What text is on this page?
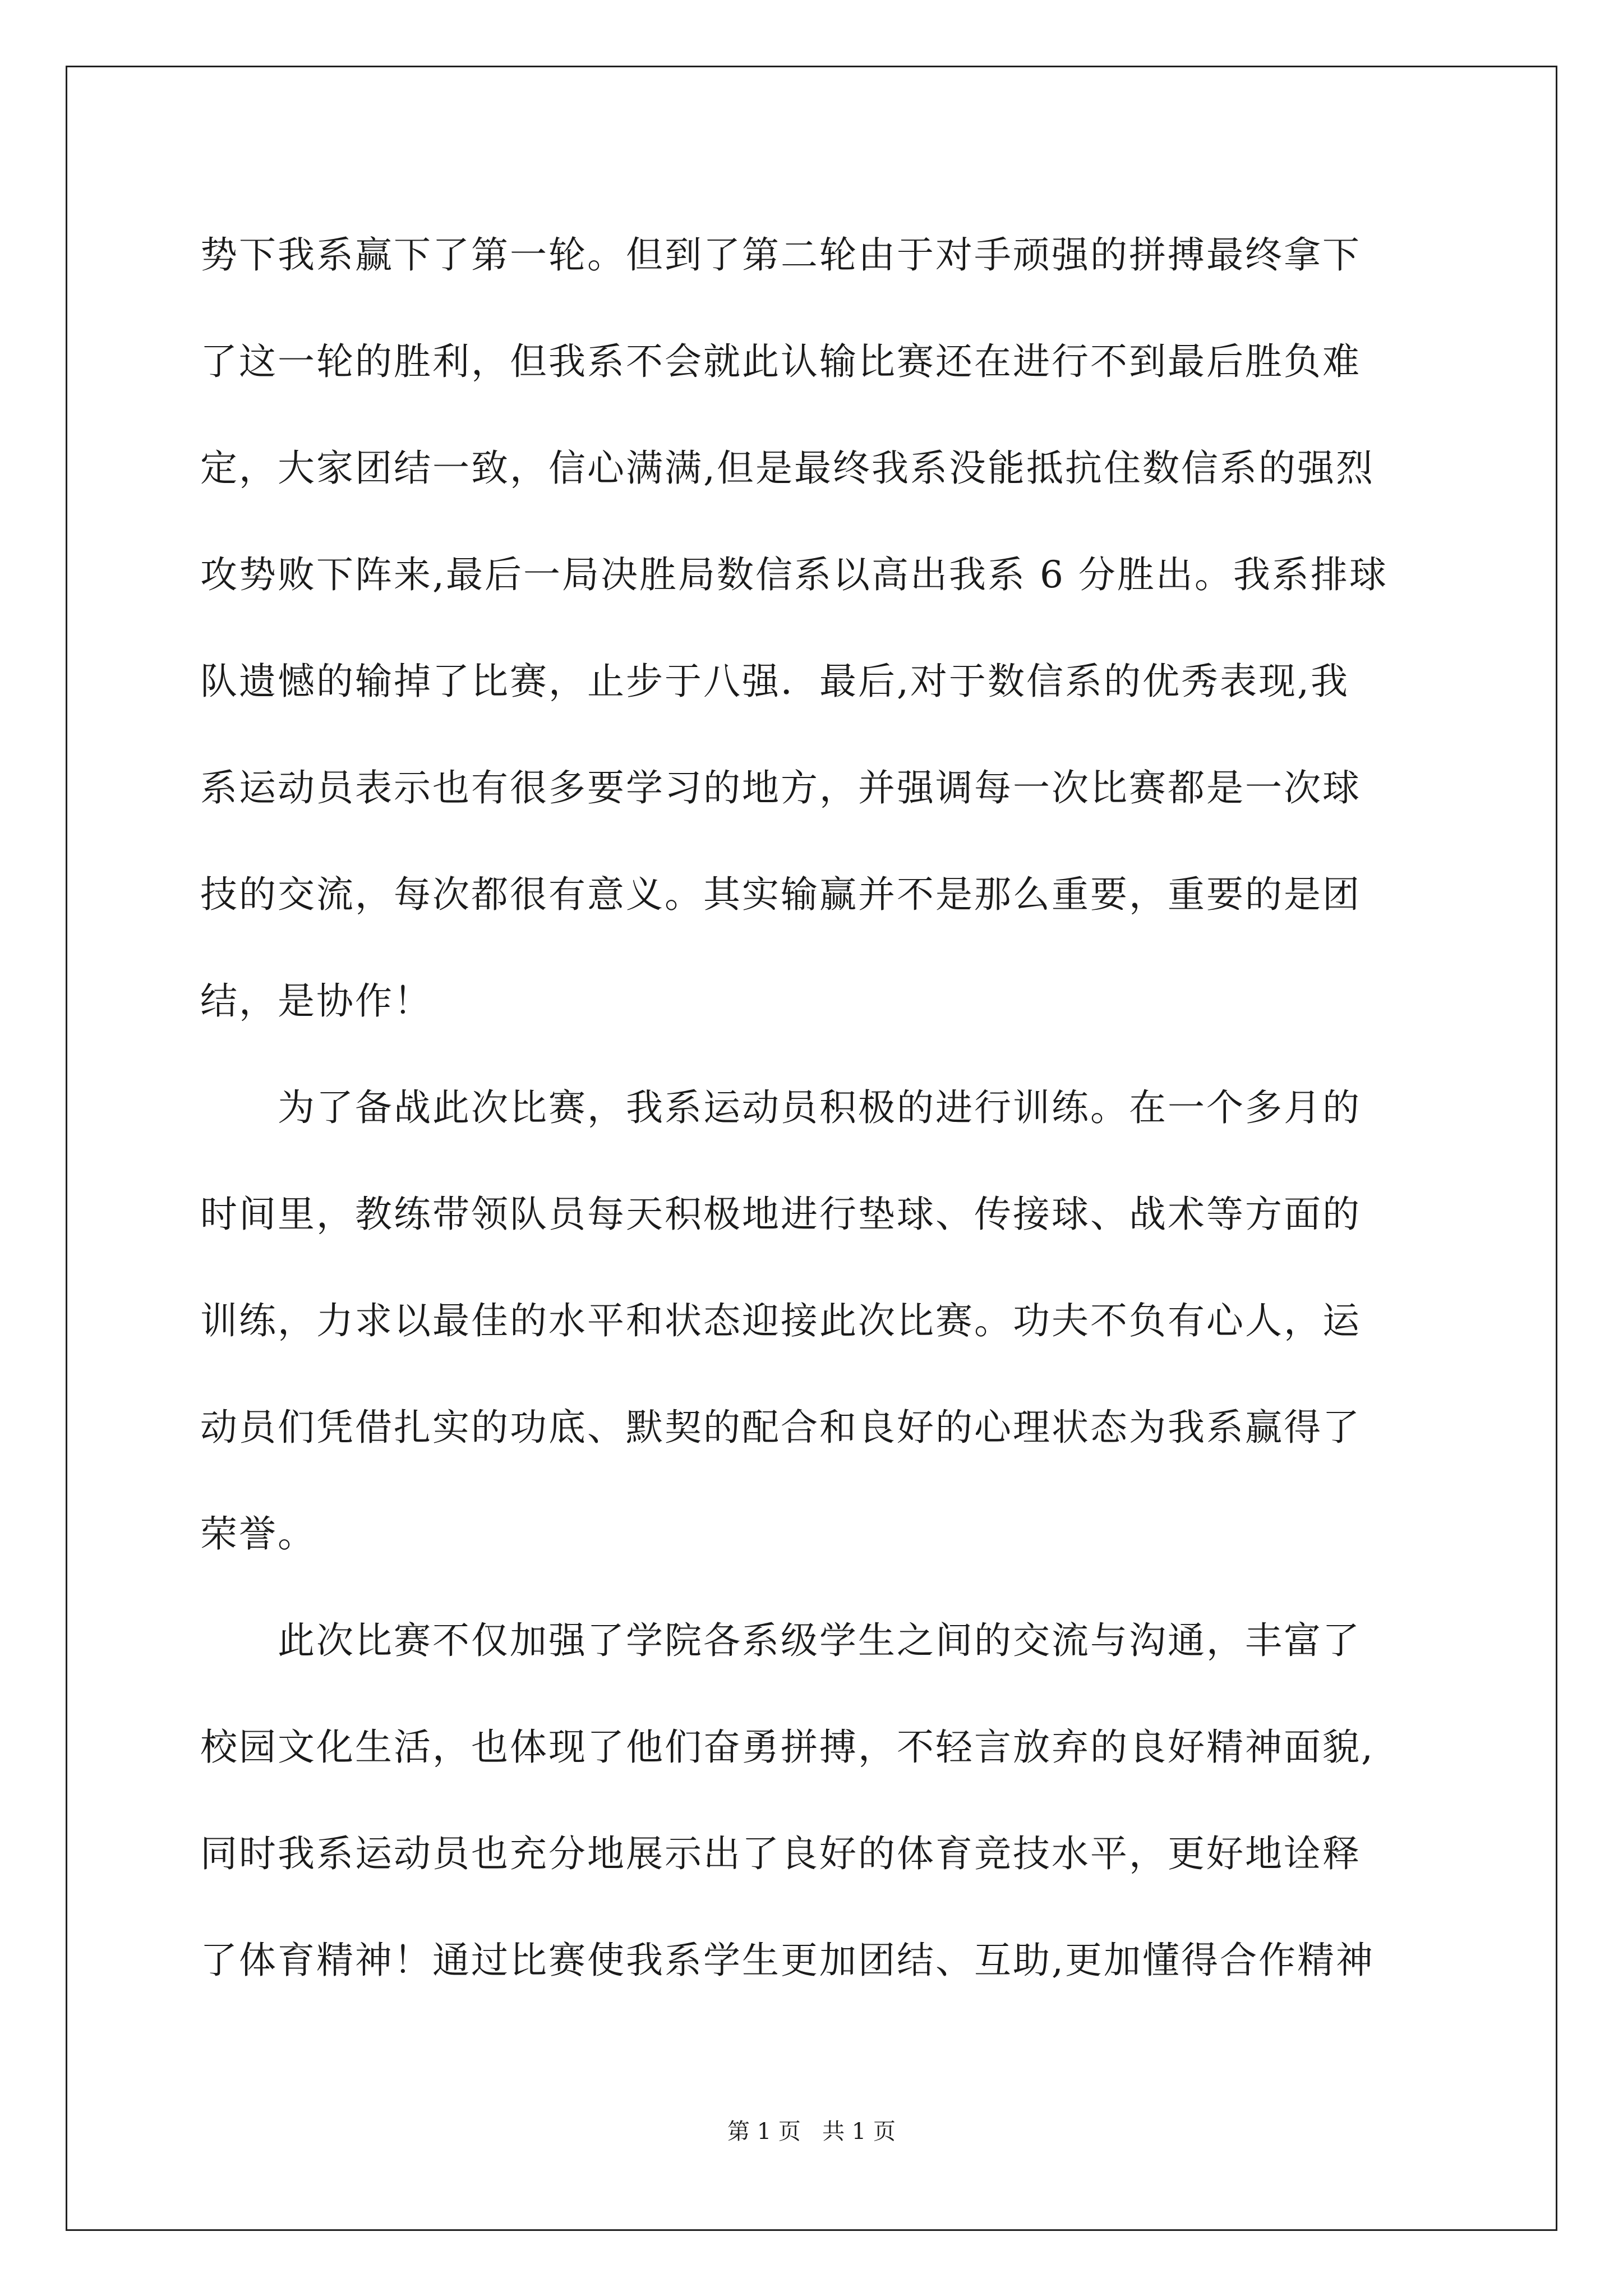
势下我系赢下了第一轮。但到了第二轮由于对手顽强的拼搏最终拿下
了这一轮的胜利，但我系不会就此认输比赛还在进行不到最后胜负难
定，大家团结一致，信心满满,但是最终我系没能抵抗住数信系的强烈
攻势败下阵来,最后一局决胜局数信系以高出我系 6 分胜出。我系排球
队遗憾的输掉了比赛，止步于八强．最后,对于数信系的优秀表现,我
系运动员表示也有很多要学习的地方，并强调每一次比赛都是一次球
技的交流，每次都很有意义。其实输赢并不是那么重要，重要的是团
结，是协作！
　　为了备战此次比赛，我系运动员积极的进行训练。在一个多月的
时间里，教练带领队员每天积极地进行垫球、传接球、战术等方面的
训练，力求以最佳的水平和状态迎接此次比赛。功夫不负有心人，运
动员们凭借扎实的功底、默契的配合和良好的心理状态为我系赢得了
荣誉。
　　此次比赛不仅加强了学院各系级学生之间的交流与沟通，丰富了
校园文化生活，也体现了他们奋勇拼搏，不轻言放弃的良好精神面貌,
同时我系运动员也充分地展示出了良好的体育竞技水平，更好地诠释
了体育精神！通过比赛使我系学生更加团结、互助,更加懂得合作精神
第 1 页 共 1 页
